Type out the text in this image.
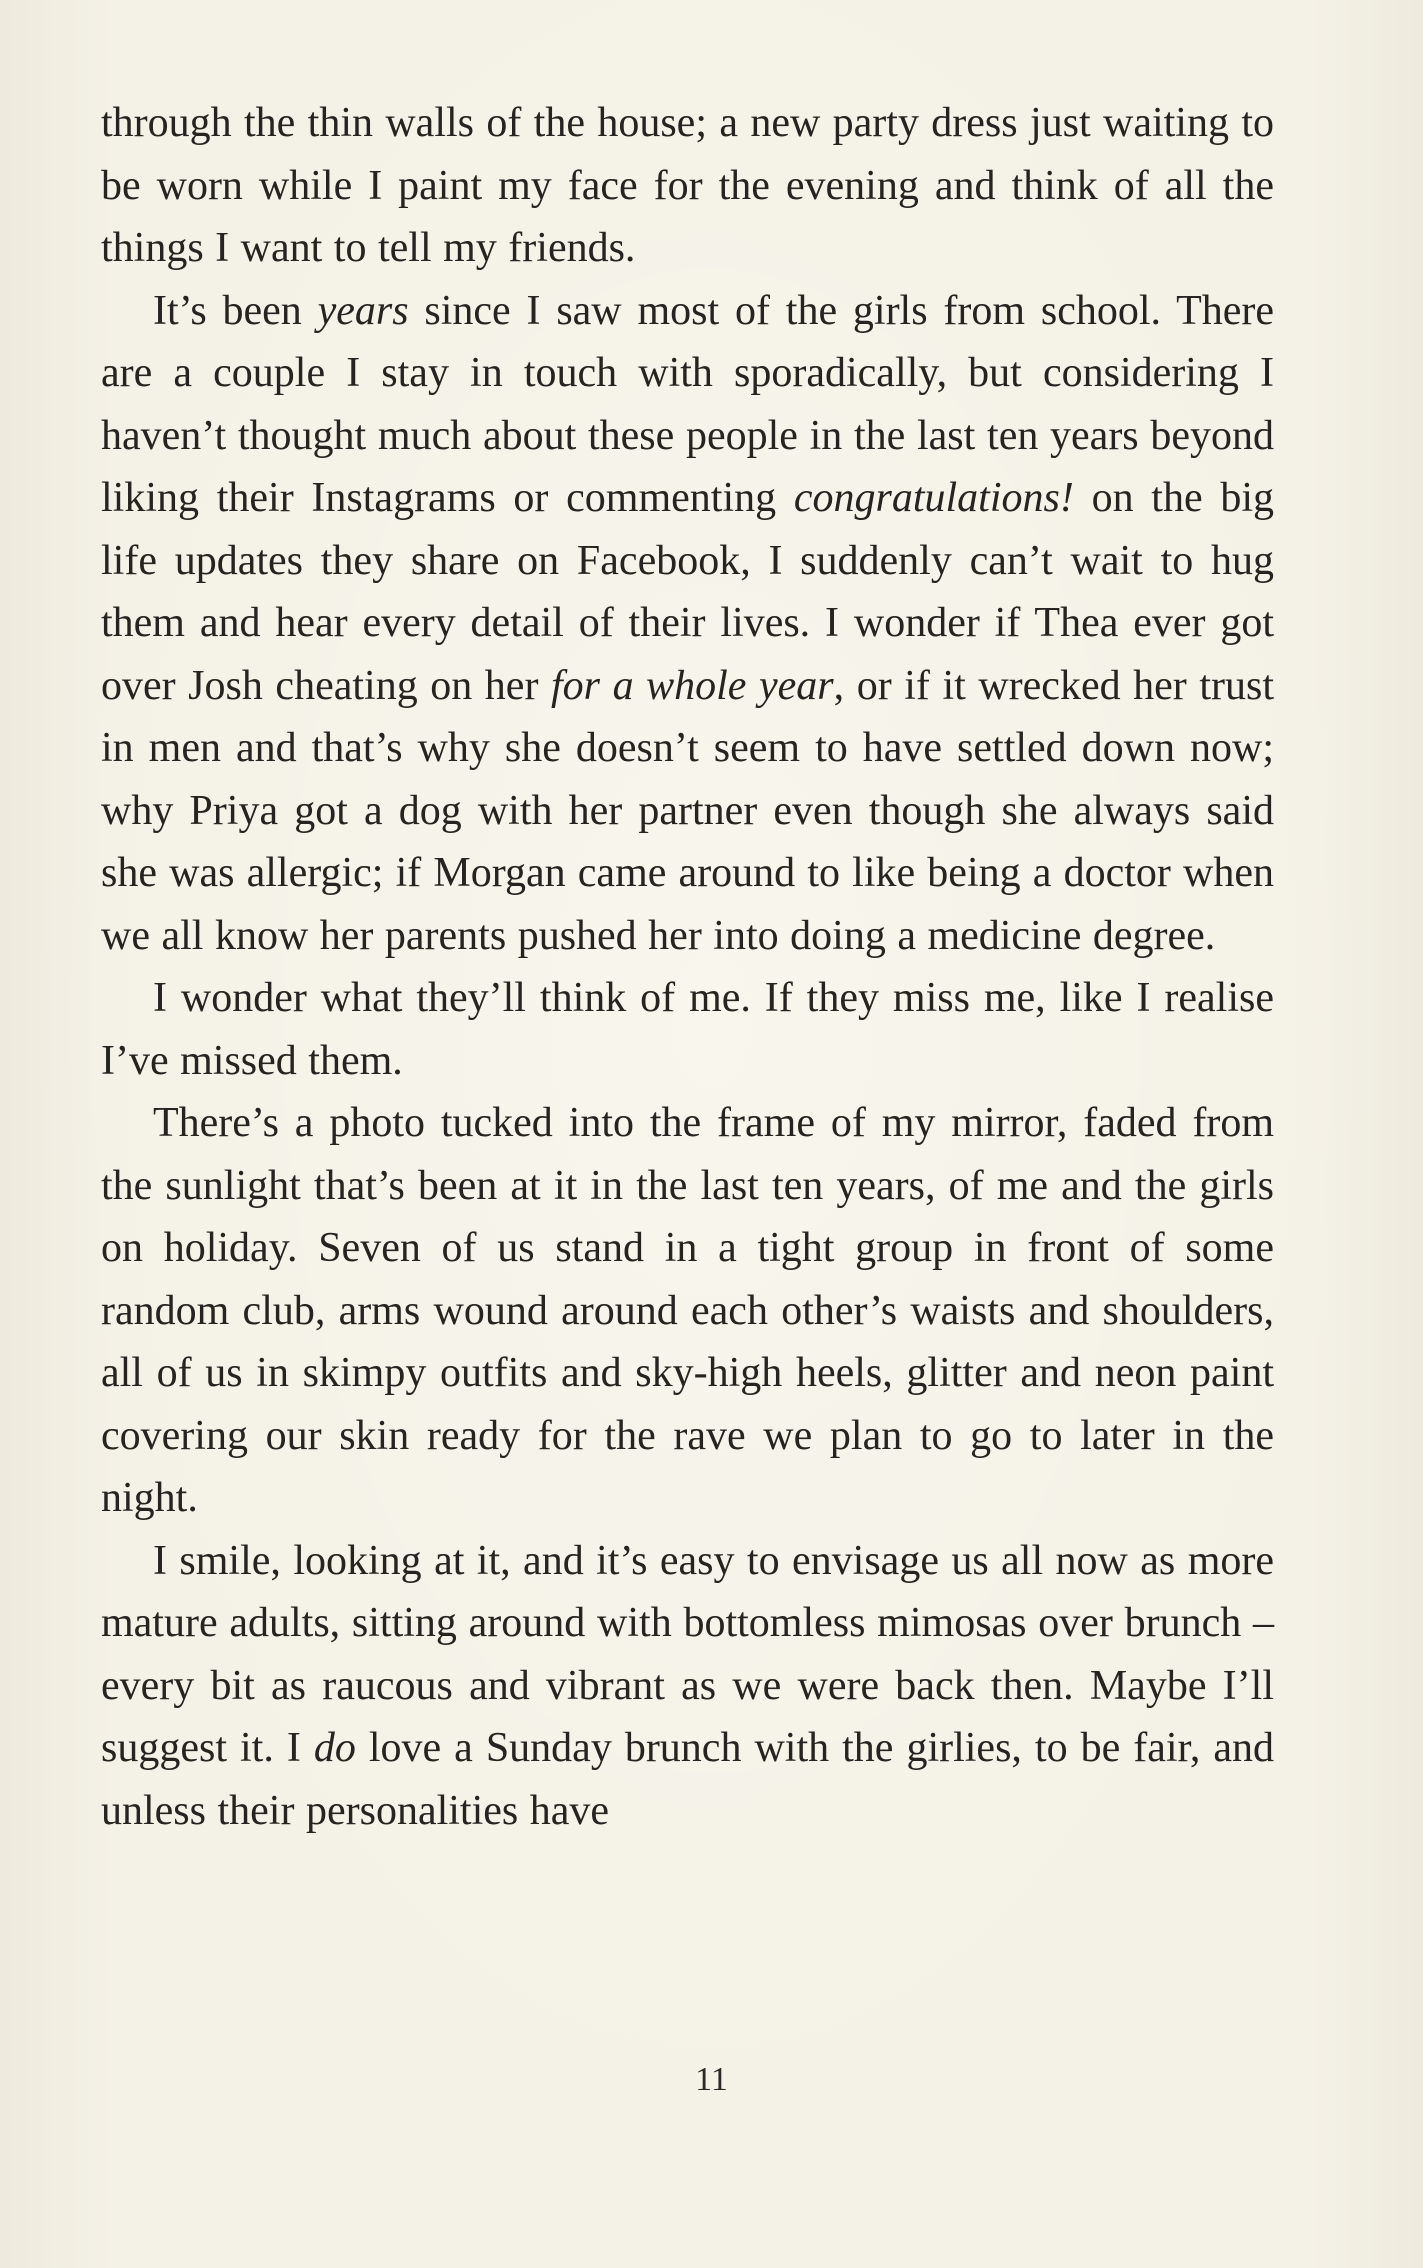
through the thin walls of the house; a new party dress just waiting to be worn while I paint my face for the evening and think of all the things I want to tell my friends.

It’s been years since I saw most of the girls from school. There are a couple I stay in touch with sporadically, but considering I haven’t thought much about these people in the last ten years beyond liking their Instagrams or commenting congratulations! on the big life updates they share on Facebook, I suddenly can’t wait to hug them and hear every detail of their lives. I wonder if Thea ever got over Josh cheating on her for a whole year, or if it wrecked her trust in men and that’s why she doesn’t seem to have settled down now; why Priya got a dog with her partner even though she always said she was allergic; if Morgan came around to like being a doctor when we all know her parents pushed her into doing a medicine degree.

I wonder what they’ll think of me. If they miss me, like I realise I’ve missed them.

There’s a photo tucked into the frame of my mirror, faded from the sunlight that’s been at it in the last ten years, of me and the girls on holiday. Seven of us stand in a tight group in front of some random club, arms wound around each other’s waists and shoulders, all of us in skimpy outfits and sky-high heels, glitter and neon paint covering our skin ready for the rave we plan to go to later in the night.

I smile, looking at it, and it’s easy to envisage us all now as more mature adults, sitting around with bottomless mimosas over brunch – every bit as raucous and vibrant as we were back then. Maybe I’ll suggest it. I do love a Sunday brunch with the girlies, to be fair, and unless their personalities have

11
